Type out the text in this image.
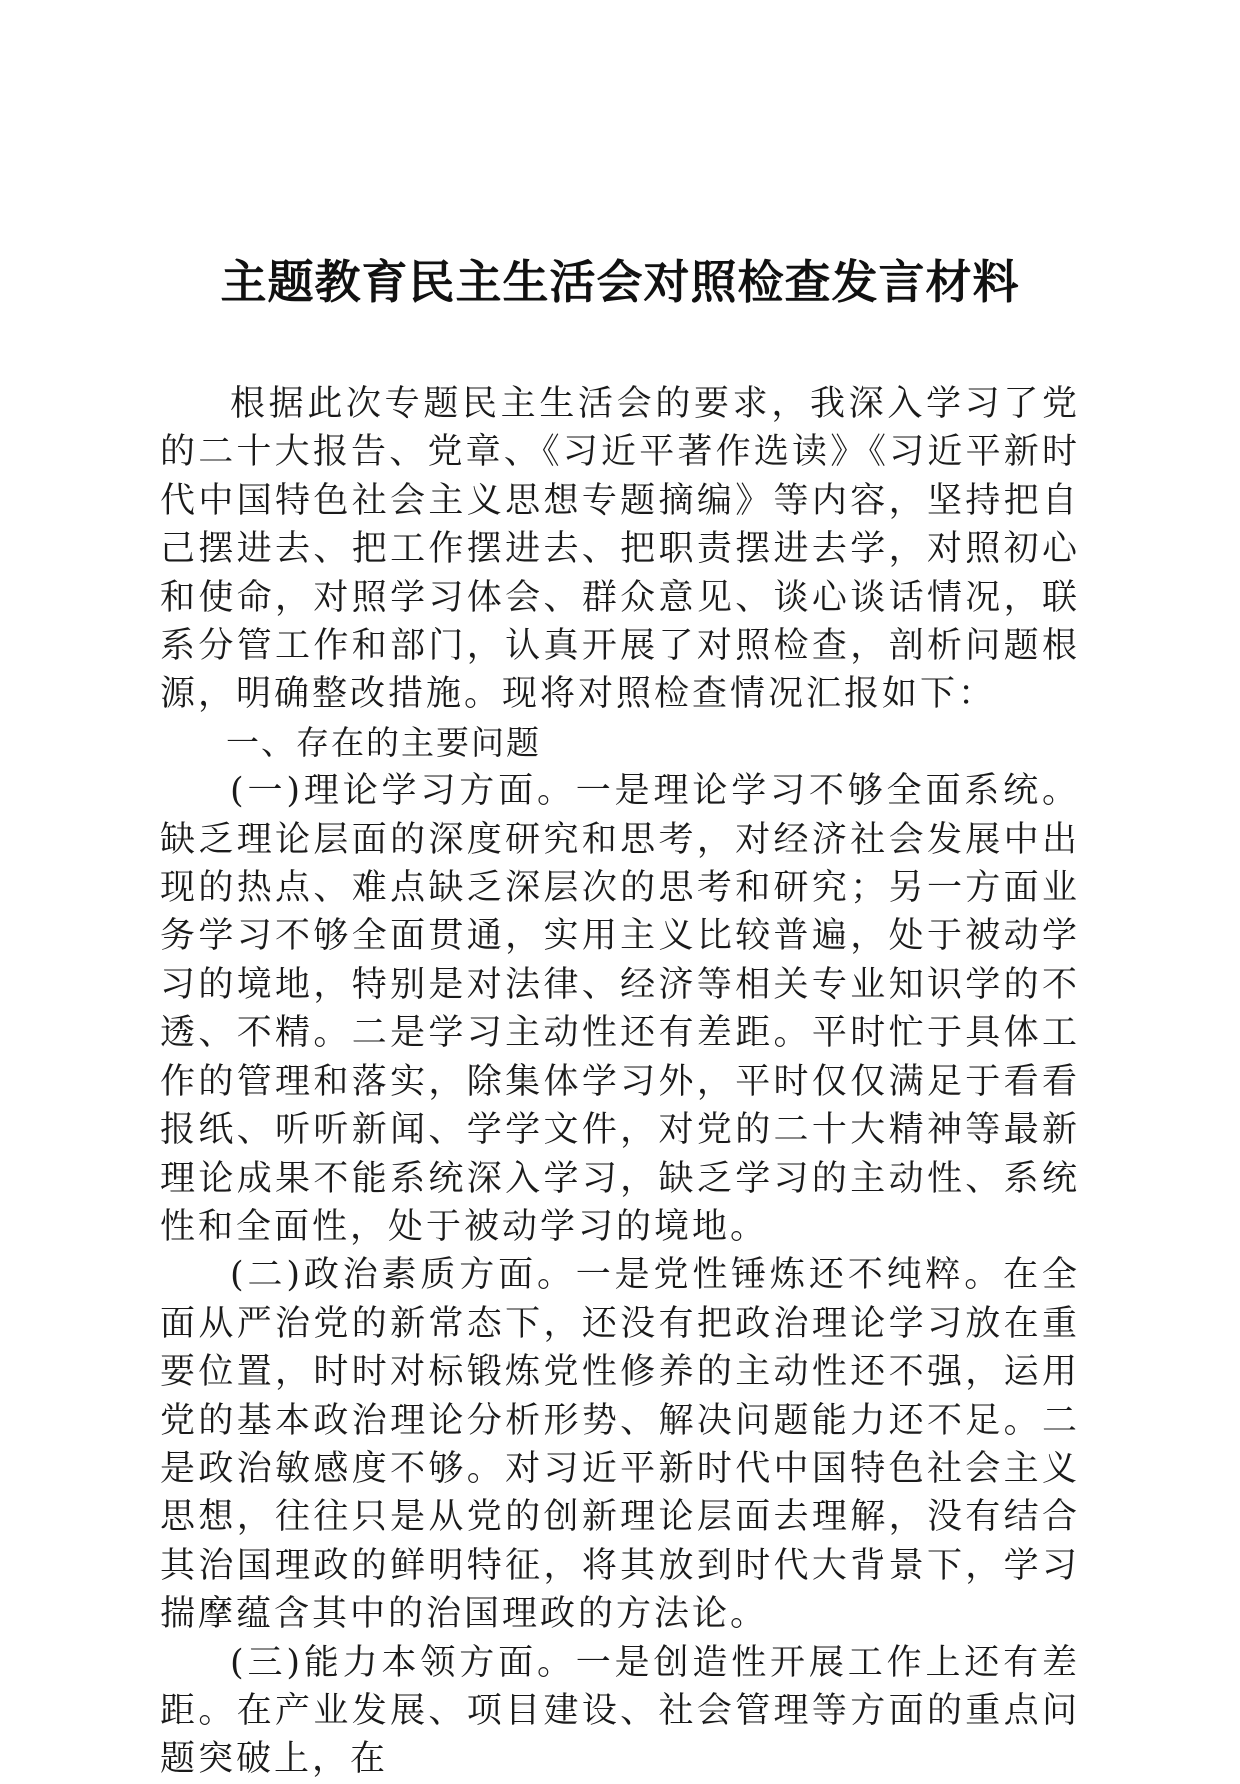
主题教育民主生活会对照检查发言材料

根据此次专题民主生活会的要求，我深入学习了党的二十大报告、党章、《习近平著作选读》《习近平新时代中国特色社会主义思想专题摘编》等内容，坚持把自己摆进去、把工作摆进去、把职责摆进去学，对照初心和使命，对照学习体会、群众意见、谈心谈话情况，联系分管工作和部门，认真开展了对照检查，剖析问题根源，明确整改措施。现将对照检查情况汇报如下：

一、存在的主要问题

(一)理论学习方面。一是理论学习不够全面系统。缺乏理论层面的深度研究和思考，对经济社会发展中出现的热点、难点缺乏深层次的思考和研究；另一方面业务学习不够全面贯通，实用主义比较普遍，处于被动学习的境地，特别是对法律、经济等相关专业知识学的不透、不精。二是学习主动性还有差距。平时忙于具体工作的管理和落实，除集体学习外，平时仅仅满足于看看报纸、听听新闻、学学文件，对党的二十大精神等最新理论成果不能系统深入学习，缺乏学习的主动性、系统性和全面性，处于被动学习的境地。

(二)政治素质方面。一是党性锤炼还不纯粹。在全面从严治党的新常态下，还没有把政治理论学习放在重要位置，时时对标锻炼党性修养的主动性还不强，运用党的基本政治理论分析形势、解决问题能力还不足。二是政治敏感度不够。对习近平新时代中国特色社会主义思想，往往只是从党的创新理论层面去理解，没有结合其治国理政的鲜明特征，将其放到时代大背景下，学习揣摩蕴含其中的治国理政的方法论。

(三)能力本领方面。一是创造性开展工作上还有差距。在产业发展、项目建设、社会管理等方面的重点问题突破上，在
